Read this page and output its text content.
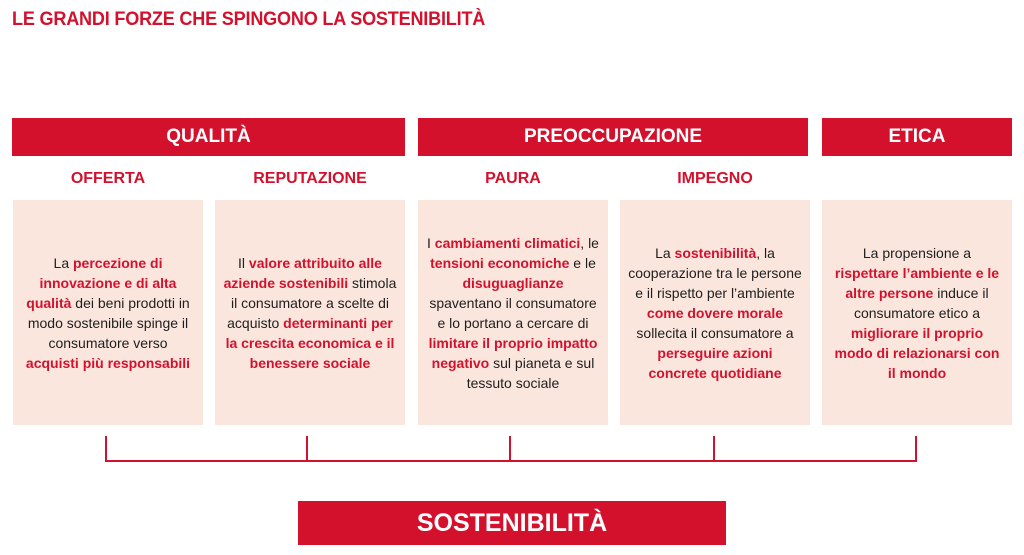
LE GRANDI FORZE CHE SPINGONO LA SOSTENIBILITÀ
QUALITÀ	PREOCCUPAZIONE	ETICA
OFFERTA	REPUTAZIONE	PAURA	IMPEGNO

La percezione di innovazione e di alta qualità dei beni prodotti in modo sostenibile spinge il consumatore verso acquisti più responsabili

Il valore attribuito alle aziende sostenibili stimola il consumatore a scelte di acquisto determinanti per la crescita economica e il benessere sociale

I cambiamenti climatici, le tensioni economiche e le disuguaglianze spaventano il consumatore e lo portano a cercare di limitare il proprio impatto negativo sul pianeta e sul tessuto sociale

La sostenibilità, la cooperazione tra le persone e il rispetto per l’ambiente come dovere morale sollecita il consumatore a perseguire azioni concrete quotidiane

La propensione a rispettare l’ambiente e le altre persone induce il consumatore etico a migliorare il proprio modo di relazionarsi con il mondo

SOSTENIBILITÀ
